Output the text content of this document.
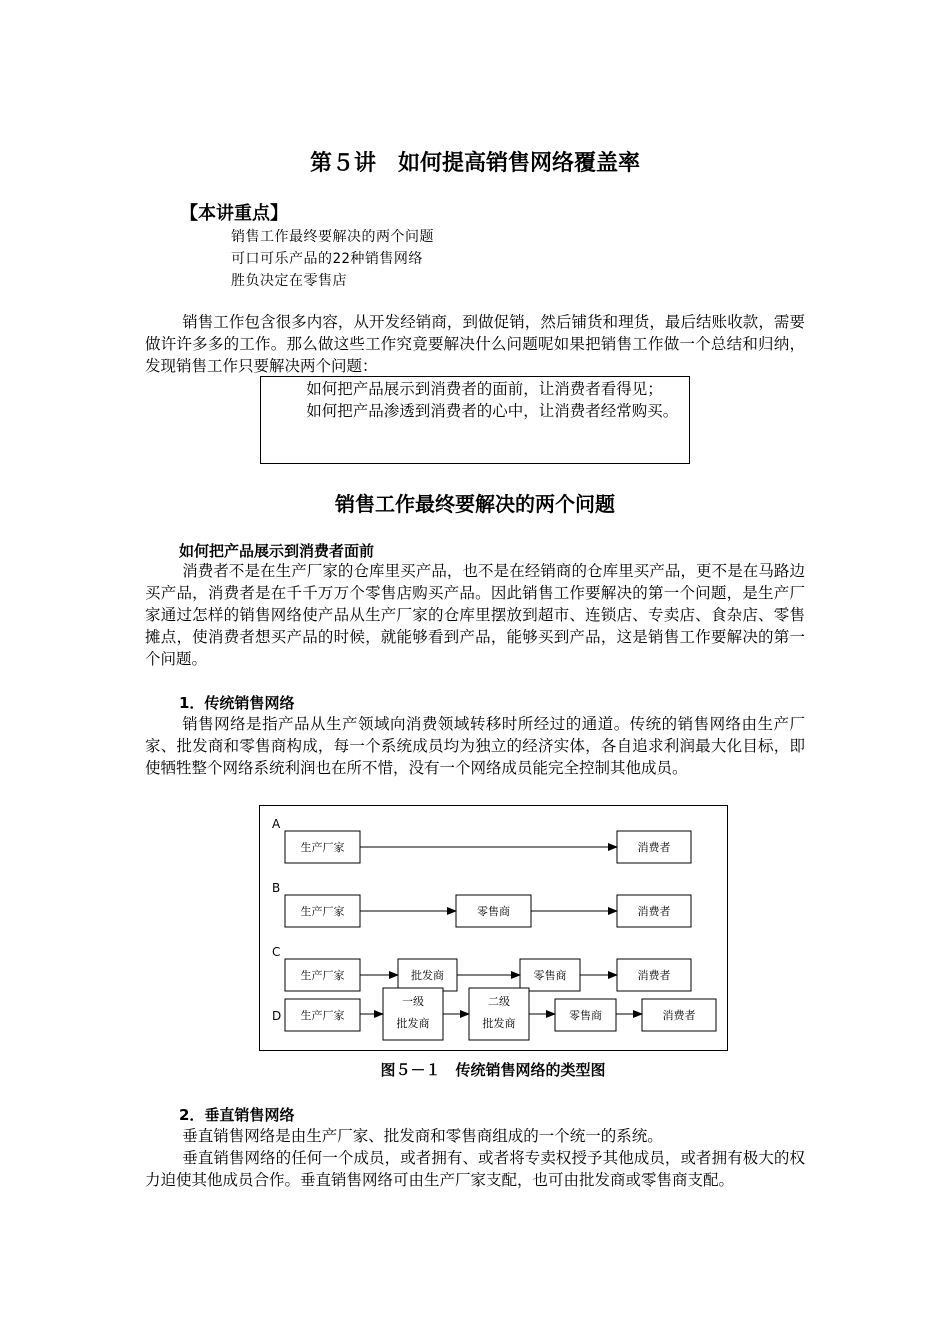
第５讲　如何提高销售网络覆盖率
【本讲重点】
销售工作最终要解决的两个问题
可口可乐产品的22种销售网络
胜负决定在零售店
销售工作包含很多内容，从开发经销商，到做促销，然后铺货和理货，最后结账收款，需要做许许多多的工作。那么做这些工作究竟要解决什么问题呢如果把销售工作做一个总结和归纳，发现销售工作只要解决两个问题：

如何把产品展示到消费者的面前，让消费者看得见；

如何把产品渗透到消费者的心中，让消费者经常购买。

销售工作最终要解决的两个问题
如何把产品展示到消费者面前
消费者不是在生产厂家的仓库里买产品，也不是在经销商的仓库里买产品，更不是在马路边买产品，消费者是在千千万万个零售店购买产品。因此销售工作要解决的第一个问题，是生产厂家通过怎样的销售网络使产品从生产厂家的仓库里摆放到超市、连锁店、专卖店、食杂店、零售摊点，使消费者想买产品的时候，就能够看到产品，能够买到产品，这是销售工作要解决的第一个问题。
1．传统销售网络
销售网络是指产品从生产领域向消费领域转移时所经过的通道。传统的销售网络由生产厂家、批发商和零售商构成，每一个系统成员均为独立的经济实体，各自追求利润最大化目标，即使牺牲整个网络系统利润也在所不惜，没有一个网络成员能完全控制其他成员。
A
生产厂家	消费者
B
生产厂家	零售商	消费者
C
生产厂家	批发商	零售商	消费者
D 生产厂家
一级
批发商
二级
批发商
零售商	消费者
图５－１　传统销售网络的类型图
2．垂直销售网络
垂直销售网络是由生产厂家、批发商和零售商组成的一个统一的系统。
垂直销售网络的任何一个成员，或者拥有、或者将专卖权授予其他成员，或者拥有极大的权力迫使其他成员合作。垂直销售网络可由生产厂家支配，也可由批发商或零售商支配。
